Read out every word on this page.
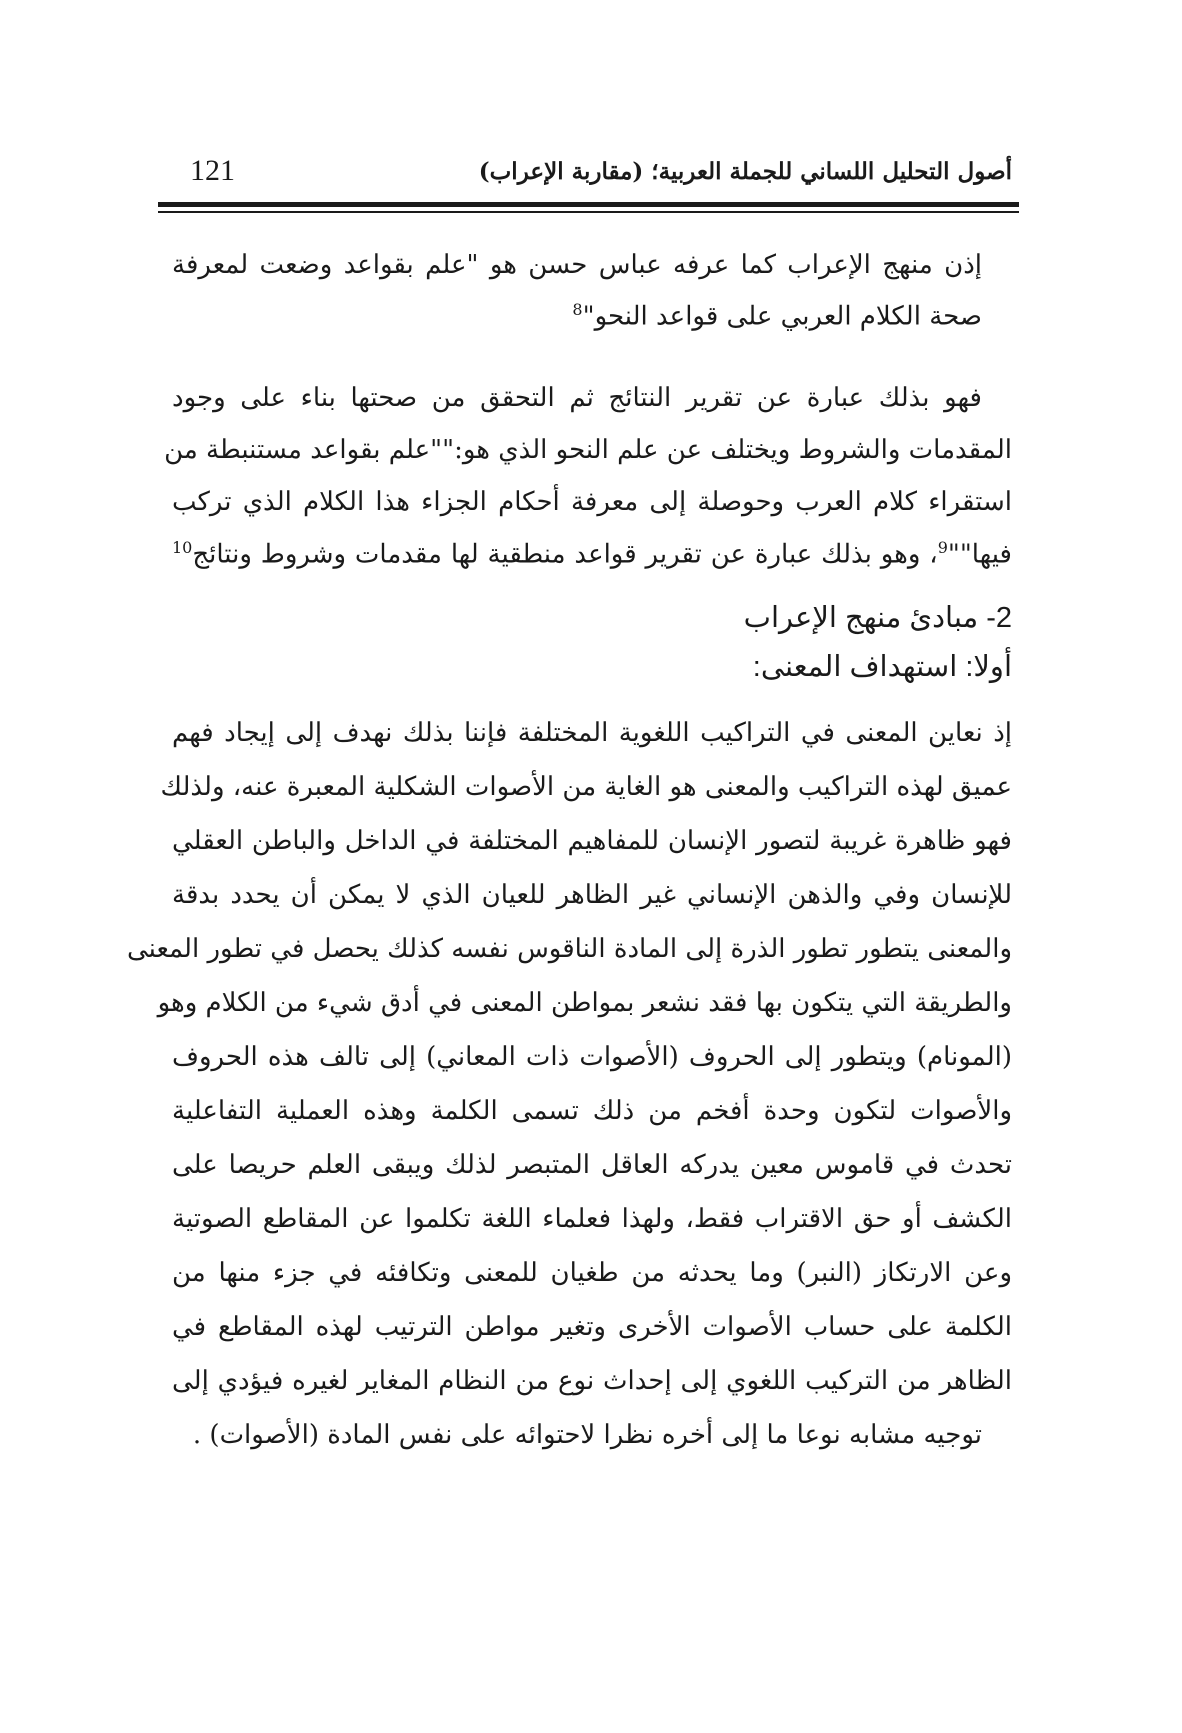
أصول التحليل اللساني للجملة العربية؛ (مقاربة الإعراب)
121
إذن منهج الإعراب كما عرفه عباس حسن هو "علم بقواعد وضعت لمعرفة
صحة الكلام العربي على قواعد النحو"$^8$
فهو بذلك عبارة عن تقرير النتائج ثم التحقق من صحتها بناء على وجود
المقدمات والشروط ويختلف عن علم النحو الذي هو:""علم بقواعد مستنبطة من
استقراء كلام العرب وحوصلة إلى معرفة أحكام الجزاء هذا الكلام الذي تركب
فيها""$^9$، وهو بذلك عبارة عن تقرير قواعد منطقية لها مقدمات وشروط ونتائج$^{10}$
2- مبادئ منهج الإعراب
أولا: استهداف المعنى:
إذ نعاين المعنى في التراكيب اللغوية المختلفة فإننا بذلك نهدف إلى إيجاد فهم
عميق لهذه التراكيب والمعنى هو الغاية من الأصوات الشكلية المعبرة عنه، ولذلك
فهو ظاهرة غريبة لتصور الإنسان للمفاهيم المختلفة في الداخل والباطن العقلي
للإنسان وفي والذهن الإنساني غير الظاهر للعيان الذي لا يمكن أن يحدد بدقة
والمعنى يتطور تطور الذرة إلى المادة الناقوس نفسه كذلك يحصل في تطور المعنى
والطريقة التي يتكون بها فقد نشعر بمواطن المعنى في أدق شيء من الكلام وهو
(المونام) ويتطور إلى الحروف (الأصوات ذات المعاني) إلى تالف هذه الحروف
والأصوات لتكون وحدة أفخم من ذلك تسمى الكلمة وهذه العملية التفاعلية
تحدث في قاموس معين يدركه العاقل المتبصر لذلك ويبقى العلم حريصا على
الكشف أو حق الاقتراب فقط، ولهذا فعلماء اللغة تكلموا عن المقاطع الصوتية
وعن الارتكاز (النبر) وما يحدثه من طغيان للمعنى وتكافئه في جزء منها من
الكلمة على حساب الأصوات الأخرى وتغير مواطن الترتيب لهذه المقاطع في
الظاهر من التركيب اللغوي إلى إحداث نوع من النظام المغاير لغيره فيؤدي إلى
توجيه مشابه نوعا ما إلى أخره نظرا لاحتوائه على نفس المادة (الأصوات) .
